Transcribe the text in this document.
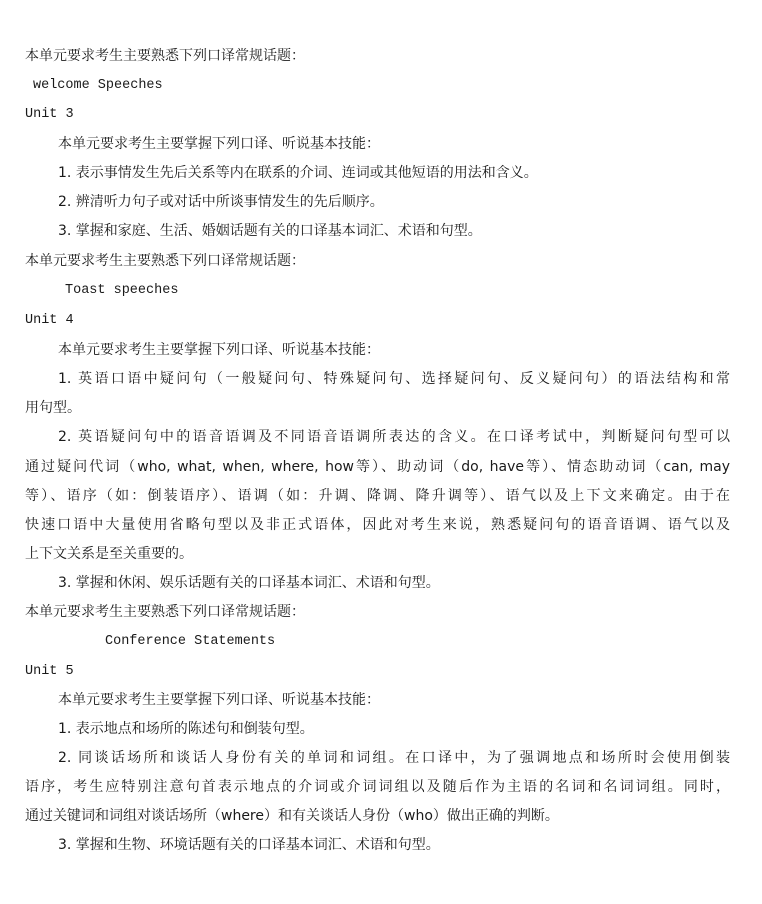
本单元要求考生主要熟悉下列口译常规话题：
welcome Speeches
Unit 3
本单元要求考生主要掌握下列口译、听说基本技能：
1. 表示事情发生先后关系等内在联系的介词、连词或其他短语的用法和含义。
2. 辨清听力句子或对话中所谈事情发生的先后顺序。
3. 掌握和家庭、生活、婚姻话题有关的口译基本词汇、术语和句型。
本单元要求考生主要熟悉下列口译常规话题：
Toast speeches
Unit 4
本单元要求考生主要掌握下列口译、听说基本技能：
1. 英语口语中疑问句（一般疑问句、特殊疑问句、选择疑问句、反义疑问句）的语法结构和常
用句型。
2. 英语疑问句中的语音语调及不同语音语调所表达的含义。在口译考试中，判断疑问句型可以
通过疑问代词（who, what, when, where, how等）、助动词（do, have等）、情态助动词（can, may
等）、语序（如：倒装语序）、语调（如：升调、降调、降升调等）、语气以及上下文来确定。由于在
快速口语中大量使用省略句型以及非正式语体，因此对考生来说，熟悉疑问句的语音语调、语气以及
上下文关系是至关重要的。
3. 掌握和休闲、娱乐话题有关的口译基本词汇、术语和句型。
本单元要求考生主要熟悉下列口译常规话题：
Conference Statements
Unit 5
本单元要求考生主要掌握下列口译、听说基本技能：
1. 表示地点和场所的陈述句和倒装句型。
2. 同谈话场所和谈话人身份有关的单词和词组。在口译中，为了强调地点和场所时会使用倒装
语序，考生应特别注意句首表示地点的介词或介词词组以及随后作为主语的名词和名词词组。同时，
通过关键词和词组对谈话场所（where）和有关谈话人身份（who）做出正确的判断。
3. 掌握和生物、环境话题有关的口译基本词汇、术语和句型。
